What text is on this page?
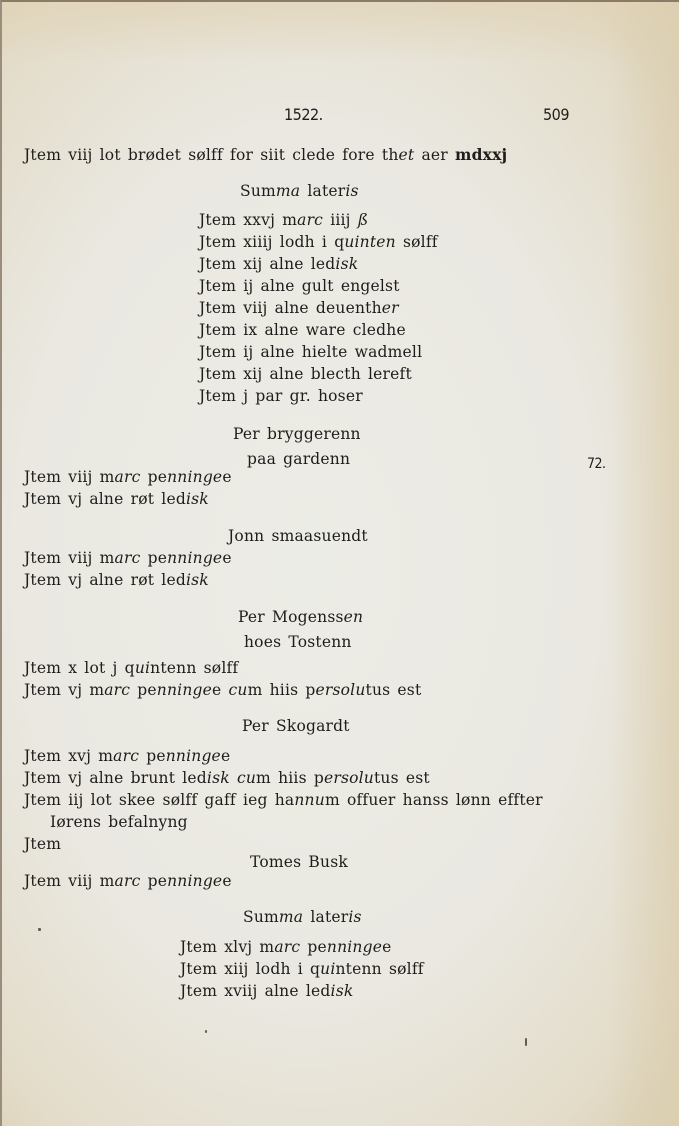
1522.	509
Jtem viij lot brødet sølff for siit clede fore thet aer mdxxj
Summa lateris
Jtem xxvj marc iiij ß
Jtem xiiij lodh i quinten sølff
Jtem xij alne ledisk
Jtem ij alne gult engelst
Jtem viij alne deuenther
Jtem ix alne ware cledhe
Jtem ij alne hielte wadmell
Jtem xij alne blecth lereft
Jtem j par gr. hoser
Per bryggerenn
paa gardenn	72.
Jtem viij marc penningee
Jtem vj alne røt ledisk
Jonn smaasuendt
Jtem viij marc penningee
Jtem vj alne røt ledisk
Per Mogenssen
hoes Tostenn
Jtem x lot j quintenn sølff
Jtem vj marc penningee cum hiis persolutus est
Per Skogardt
Jtem xvj marc penningee
Jtem vj alne brunt ledisk cum hiis persolutus est
Jtem iij lot skee sølff gaff ieg hannum offuer hanss lønn effter
Iørens befalnyng
Jtem
Tomes Busk
Jtem viij marc penningee
Summa lateris
Jtem xlvj marc penningee
Jtem xiij lodh i quintenn sølff
Jtem xviij alne ledisk
